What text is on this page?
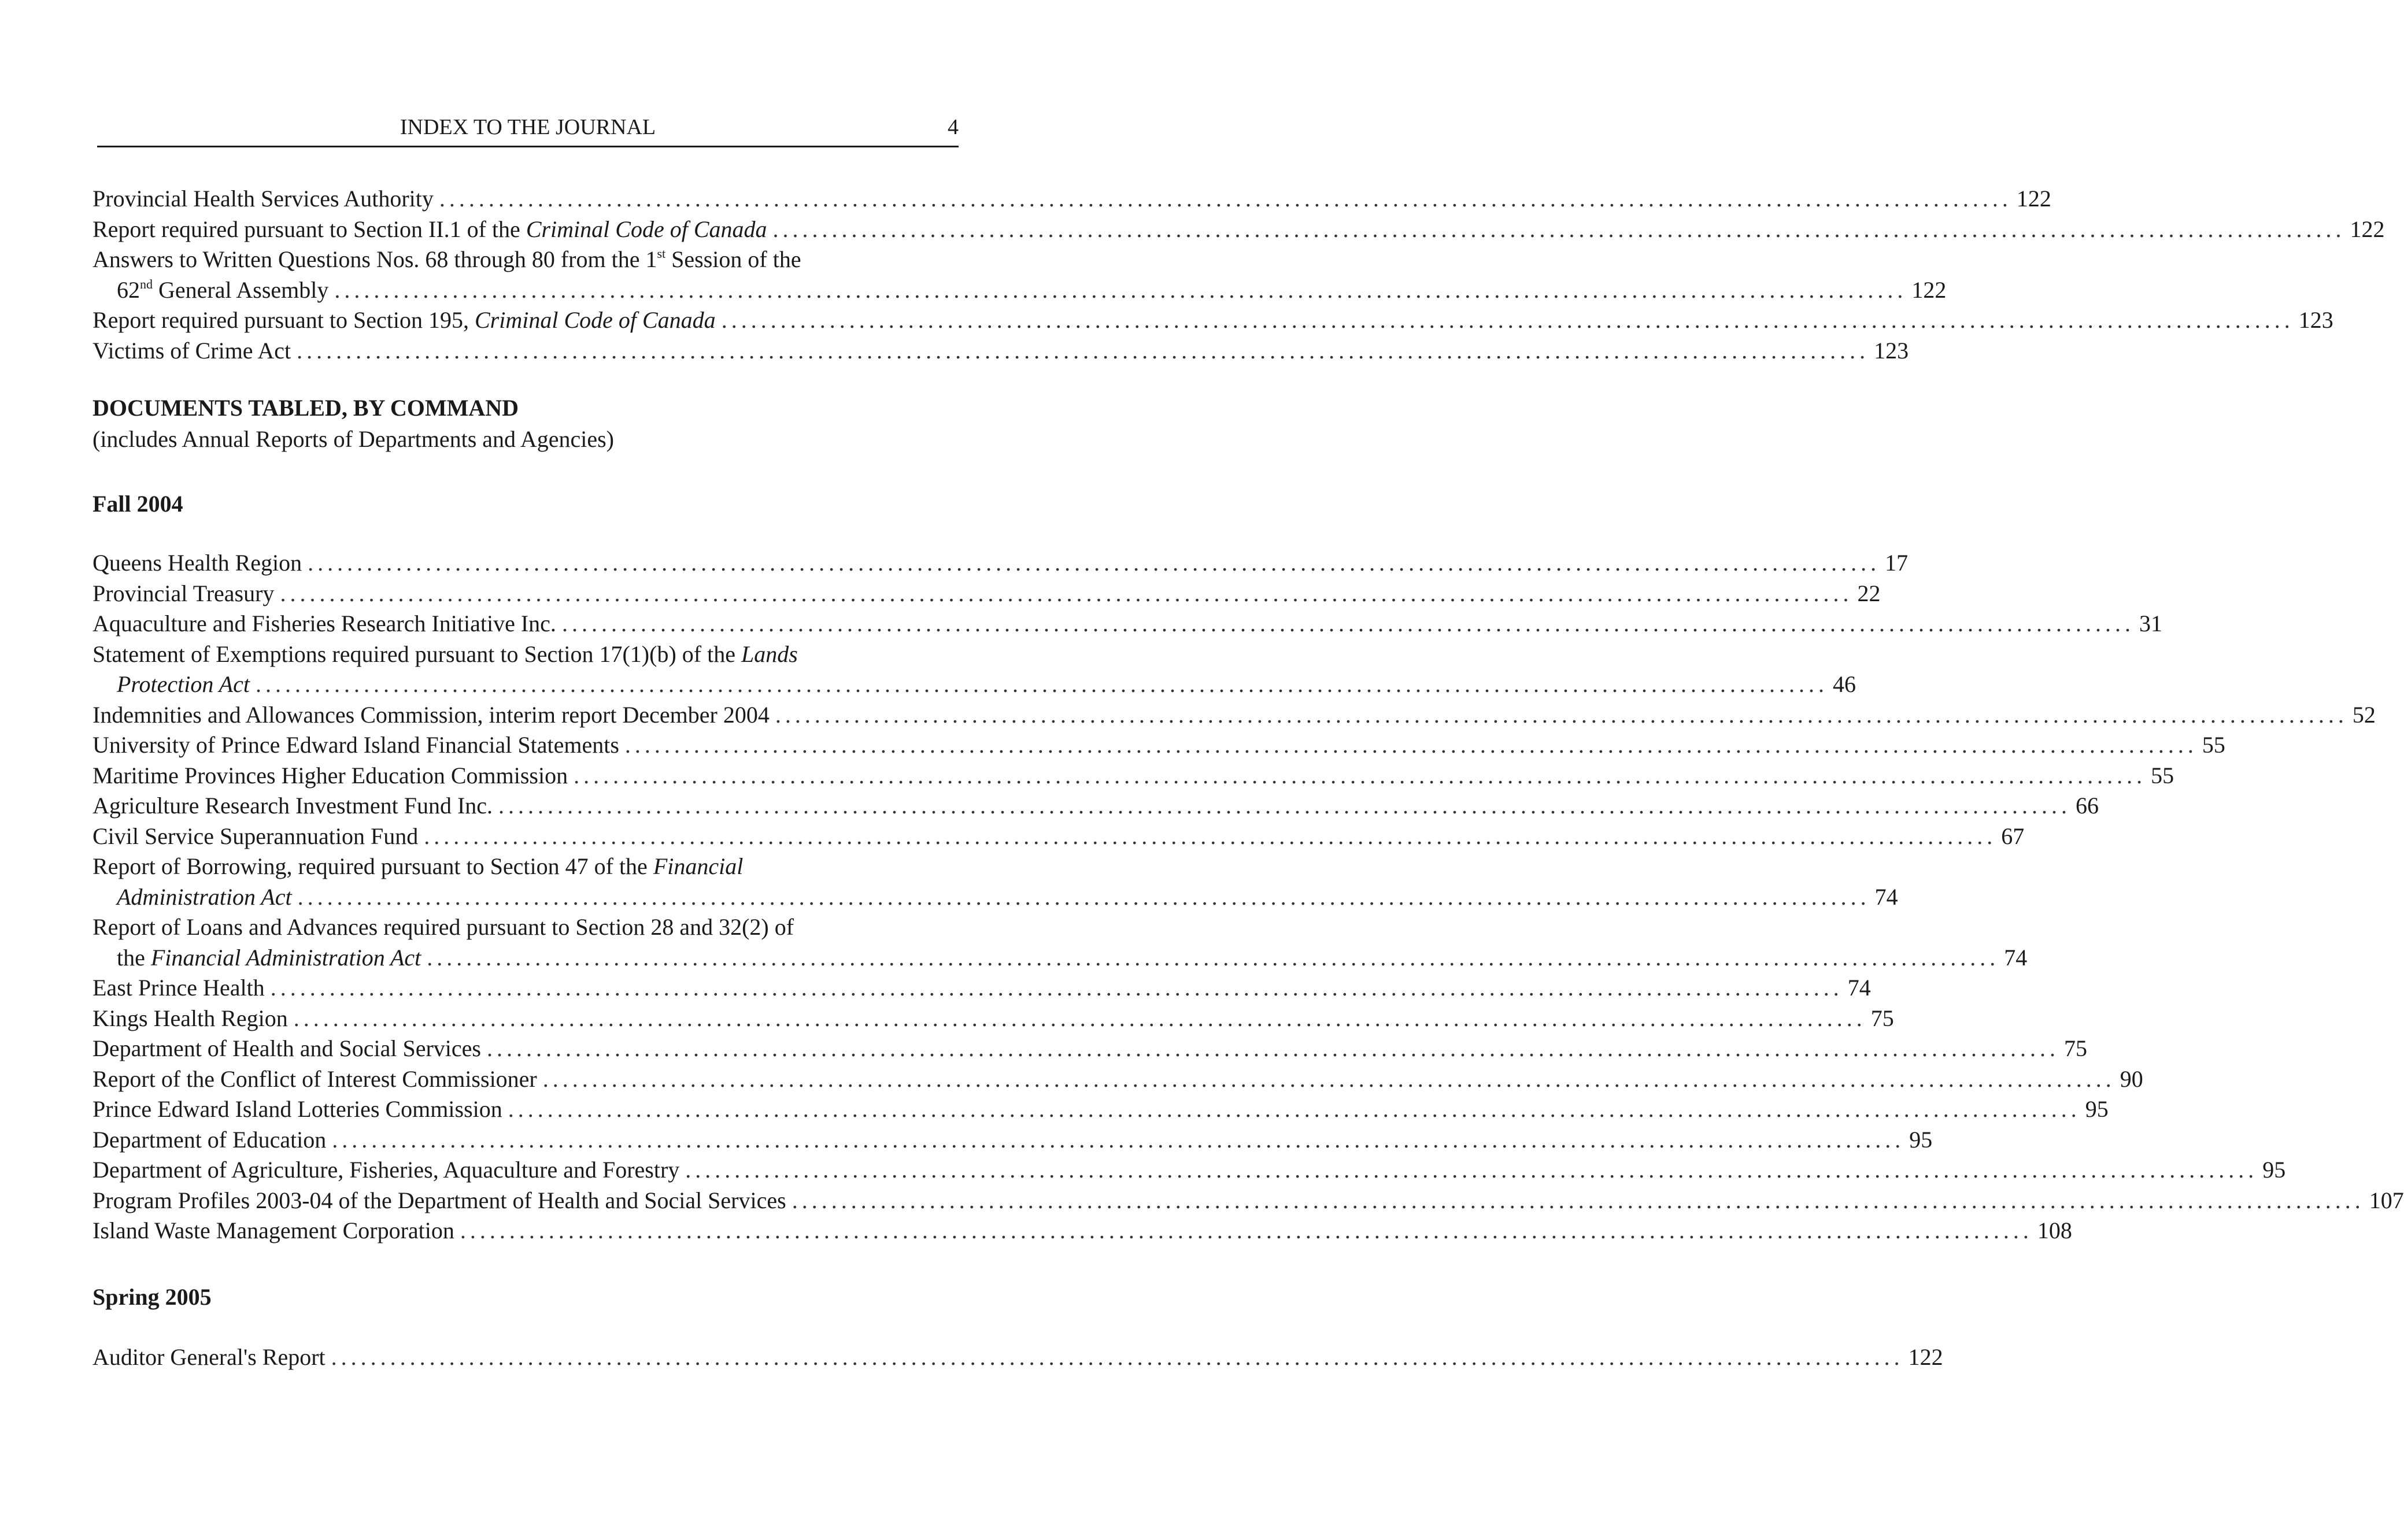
INDEX TO THE JOURNAL	4
Provincial Health Services Authority ................................................................................................................................................................ 122
Report required pursuant to Section II.1 of the Criminal Code of Canada ................................................................................................................................................................ 122
Answers to Written Questions Nos. 68 through 80 from the 1st Session of the
62nd General Assembly ................................................................................................................................................................ 122
Report required pursuant to Section 195, Criminal Code of Canada ................................................................................................................................................................ 123
Victims of Crime Act ................................................................................................................................................................ 123
DOCUMENTS TABLED, BY COMMAND
(includes Annual Reports of Departments and Agencies)
Fall 2004
Queens Health Region ................................................................................................................................................................ 17
Provincial Treasury ................................................................................................................................................................ 22
Aquaculture and Fisheries Research Initiative Inc. ................................................................................................................................................................ 31
Statement of Exemptions required pursuant to Section 17(1)(b) of the Lands
Protection Act ................................................................................................................................................................ 46
Indemnities and Allowances Commission, interim report December 2004 ................................................................................................................................................................ 52
University of Prince Edward Island Financial Statements ................................................................................................................................................................ 55
Maritime Provinces Higher Education Commission ................................................................................................................................................................ 55
Agriculture Research Investment Fund Inc. ................................................................................................................................................................ 66
Civil Service Superannuation Fund ................................................................................................................................................................ 67
Report of Borrowing, required pursuant to Section 47 of the Financial
Administration Act ................................................................................................................................................................ 74
Report of Loans and Advances required pursuant to Section 28 and 32(2) of
the Financial Administration Act ................................................................................................................................................................ 74
East Prince Health ................................................................................................................................................................ 74
Kings Health Region ................................................................................................................................................................ 75
Department of Health and Social Services ................................................................................................................................................................ 75
Report of the Conflict of Interest Commissioner ................................................................................................................................................................ 90
Prince Edward Island Lotteries Commission ................................................................................................................................................................ 95
Department of Education ................................................................................................................................................................ 95
Department of Agriculture, Fisheries, Aquaculture and Forestry ................................................................................................................................................................ 95
Program Profiles 2003-04 of the Department of Health and Social Services ................................................................................................................................................................ 107
Island Waste Management Corporation ................................................................................................................................................................ 108
Spring 2005
Auditor General's Report ................................................................................................................................................................ 122
